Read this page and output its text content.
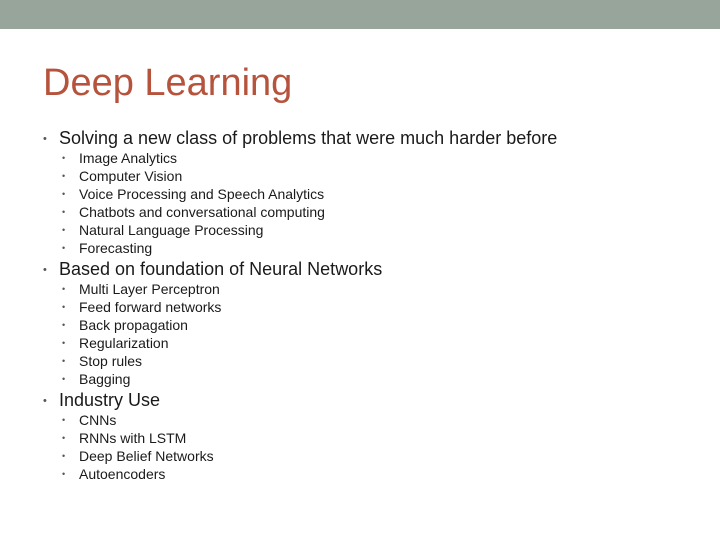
Deep Learning
• Solving a new class of problems that were much harder before
• Image Analytics
• Computer Vision
• Voice Processing and Speech Analytics
• Chatbots and conversational computing
• Natural Language Processing
• Forecasting
• Based on foundation of Neural Networks
• Multi Layer Perceptron
• Feed forward networks
• Back propagation
• Regularization
• Stop rules
• Bagging
• Industry Use
• CNNs
• RNNs with LSTM
• Deep Belief Networks
• Autoencoders
